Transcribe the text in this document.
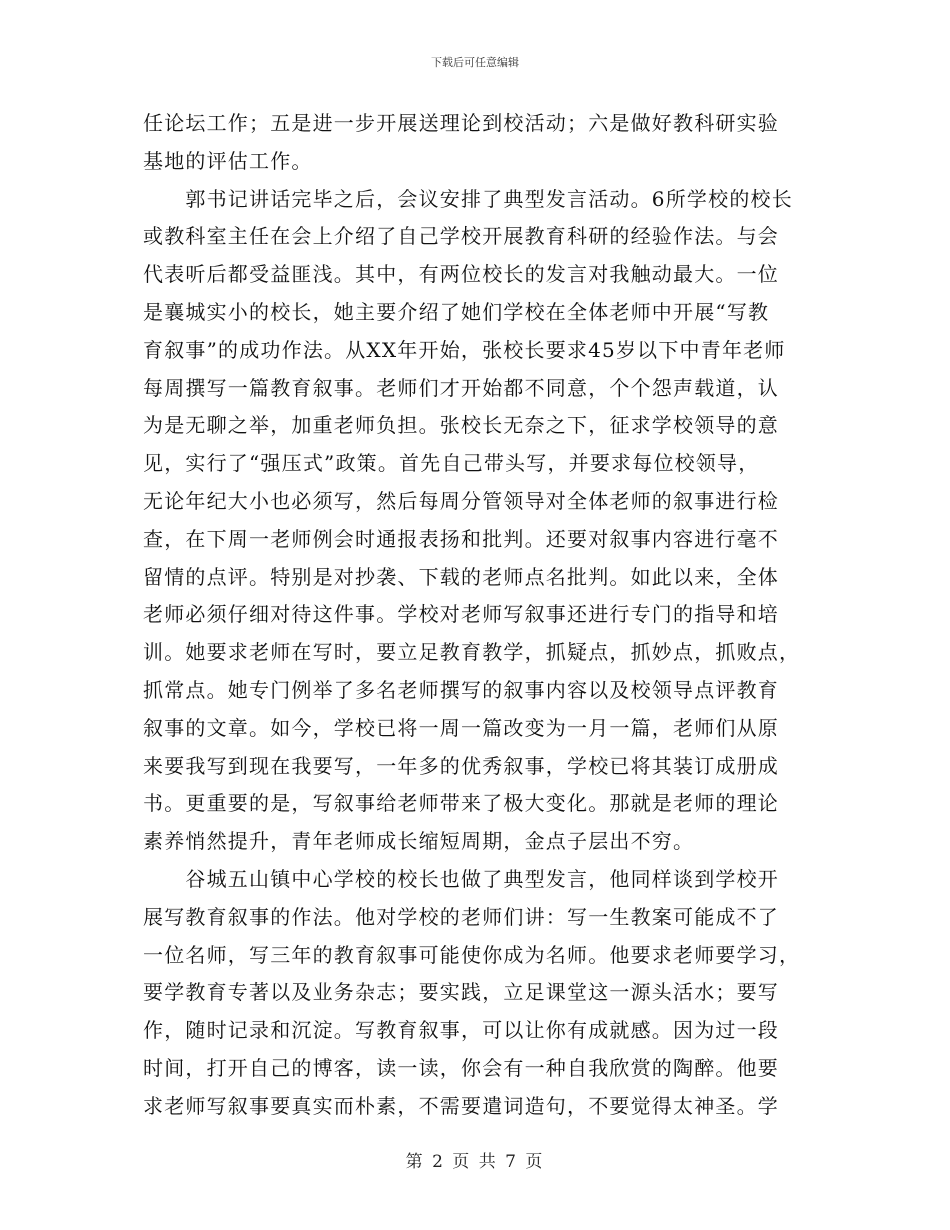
下载后可任意编辑
任论坛工作；五是进一步开展送理论到校活动；六是做好教科研实验
基地的评估工作。
　　郭书记讲话完毕之后，会议安排了典型发言活动。6所学校的校长
或教科室主任在会上介绍了自己学校开展教育科研的经验作法。与会
代表听后都受益匪浅。其中，有两位校长的发言对我触动最大。一位
是襄城实小的校长，她主要介绍了她们学校在全体老师中开展“写教
育叙事”的成功作法。从XX年开始，张校长要求45岁以下中青年老师
每周撰写一篇教育叙事。老师们才开始都不同意，个个怨声载道，认
为是无聊之举，加重老师负担。张校长无奈之下，征求学校领导的意
见，实行了“强压式”政策。首先自己带头写，并要求每位校领导，
无论年纪大小也必须写，然后每周分管领导对全体老师的叙事进行检
查，在下周一老师例会时通报表扬和批判。还要对叙事内容进行毫不
留情的点评。特别是对抄袭、下载的老师点名批判。如此以来，全体
老师必须仔细对待这件事。学校对老师写叙事还进行专门的指导和培
训。她要求老师在写时，要立足教育教学，抓疑点，抓妙点，抓败点，
抓常点。她专门例举了多名老师撰写的叙事内容以及校领导点评教育
叙事的文章。如今，学校已将一周一篇改变为一月一篇，老师们从原
来要我写到现在我要写，一年多的优秀叙事，学校已将其装订成册成
书。更重要的是，写叙事给老师带来了极大变化。那就是老师的理论
素养悄然提升，青年老师成长缩短周期，金点子层出不穷。
　　谷城五山镇中心学校的校长也做了典型发言，他同样谈到学校开
展写教育叙事的作法。他对学校的老师们讲：写一生教案可能成不了
一位名师，写三年的教育叙事可能使你成为名师。他要求老师要学习，
要学教育专著以及业务杂志；要实践，立足课堂这一源头活水；要写
作，随时记录和沉淀。写教育叙事，可以让你有成就感。因为过一段
时间，打开自己的博客，读一读，你会有一种自我欣赏的陶醉。他要
求老师写叙事要真实而朴素，不需要遣词造句，不要觉得太神圣。学
第 2 页 共 7 页
